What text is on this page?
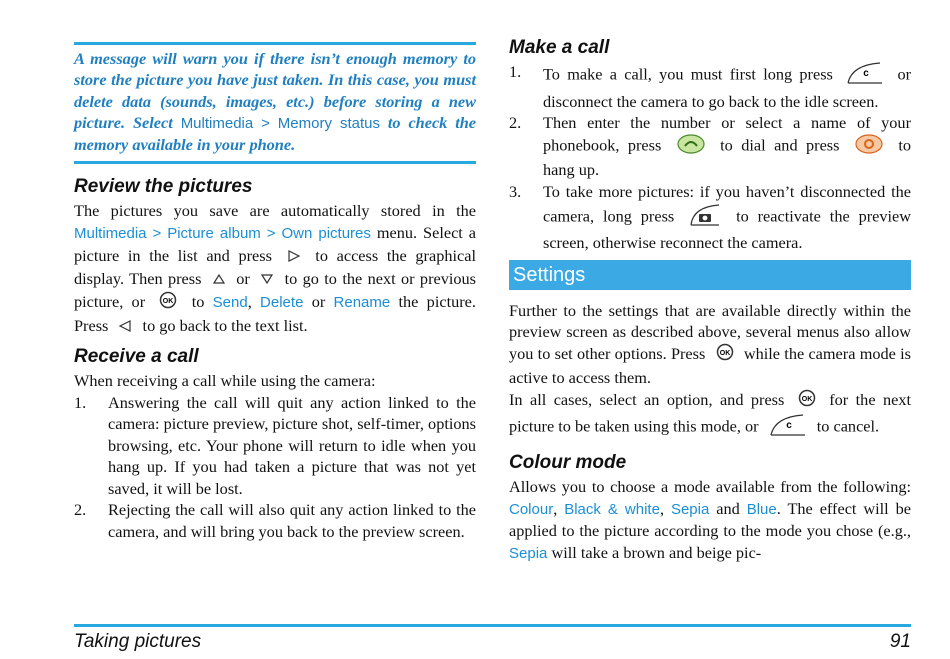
A message will warn you if there isn’t enough memory to store the picture you have just taken. In this case, you must delete data (sounds, images, etc.) before storing a new picture. Select Multimedia > Memory status to check the memory available in your phone.

Review the pictures

The pictures you save are automatically stored in the Multimedia > Picture album > Own pictures menu. Select a picture in the list and press	to access the graphical display. Then press or to go to the next or previous picture, or	OK to Send, Delete or Rename the picture. Press to go back to the text list.

Receive a call

When receiving a call while using the camera:

1. Answering the call will quit any action linked to the camera: picture preview, picture shot, self-timer, options browsing, etc. Your phone will return to idle when you hang up. If you had taken a picture that was not yet saved, it will be lost.
2. Rejecting the call will also quit any action linked to the camera, and will bring you back to the preview screen.
Make a call
1. To make a call, you must first long press	c or disconnect the camera to go back to the idle screen.
2. Then enter the number or select a name of your phonebook, press	to dial and press	to hang up.
3. To take more pictures: if you haven’t disconnected the camera, long press	to reactivate the preview screen, otherwise reconnect the camera.
Settings

Further to the settings that are available directly within the preview screen as described above, several menus also allow you to set other options. Press OK while the camera mode is active to access them.

In all cases, select an option, and press OK for the next picture to be taken using this mode, or	c to cancel.

Colour mode

Allows you to choose a mode available from the following: Colour, Black & white, Sepia and Blue. The effect will be applied to the picture according to the mode you chose (e.g., Sepia will take a brown and beige pic-

Taking pictures	91
